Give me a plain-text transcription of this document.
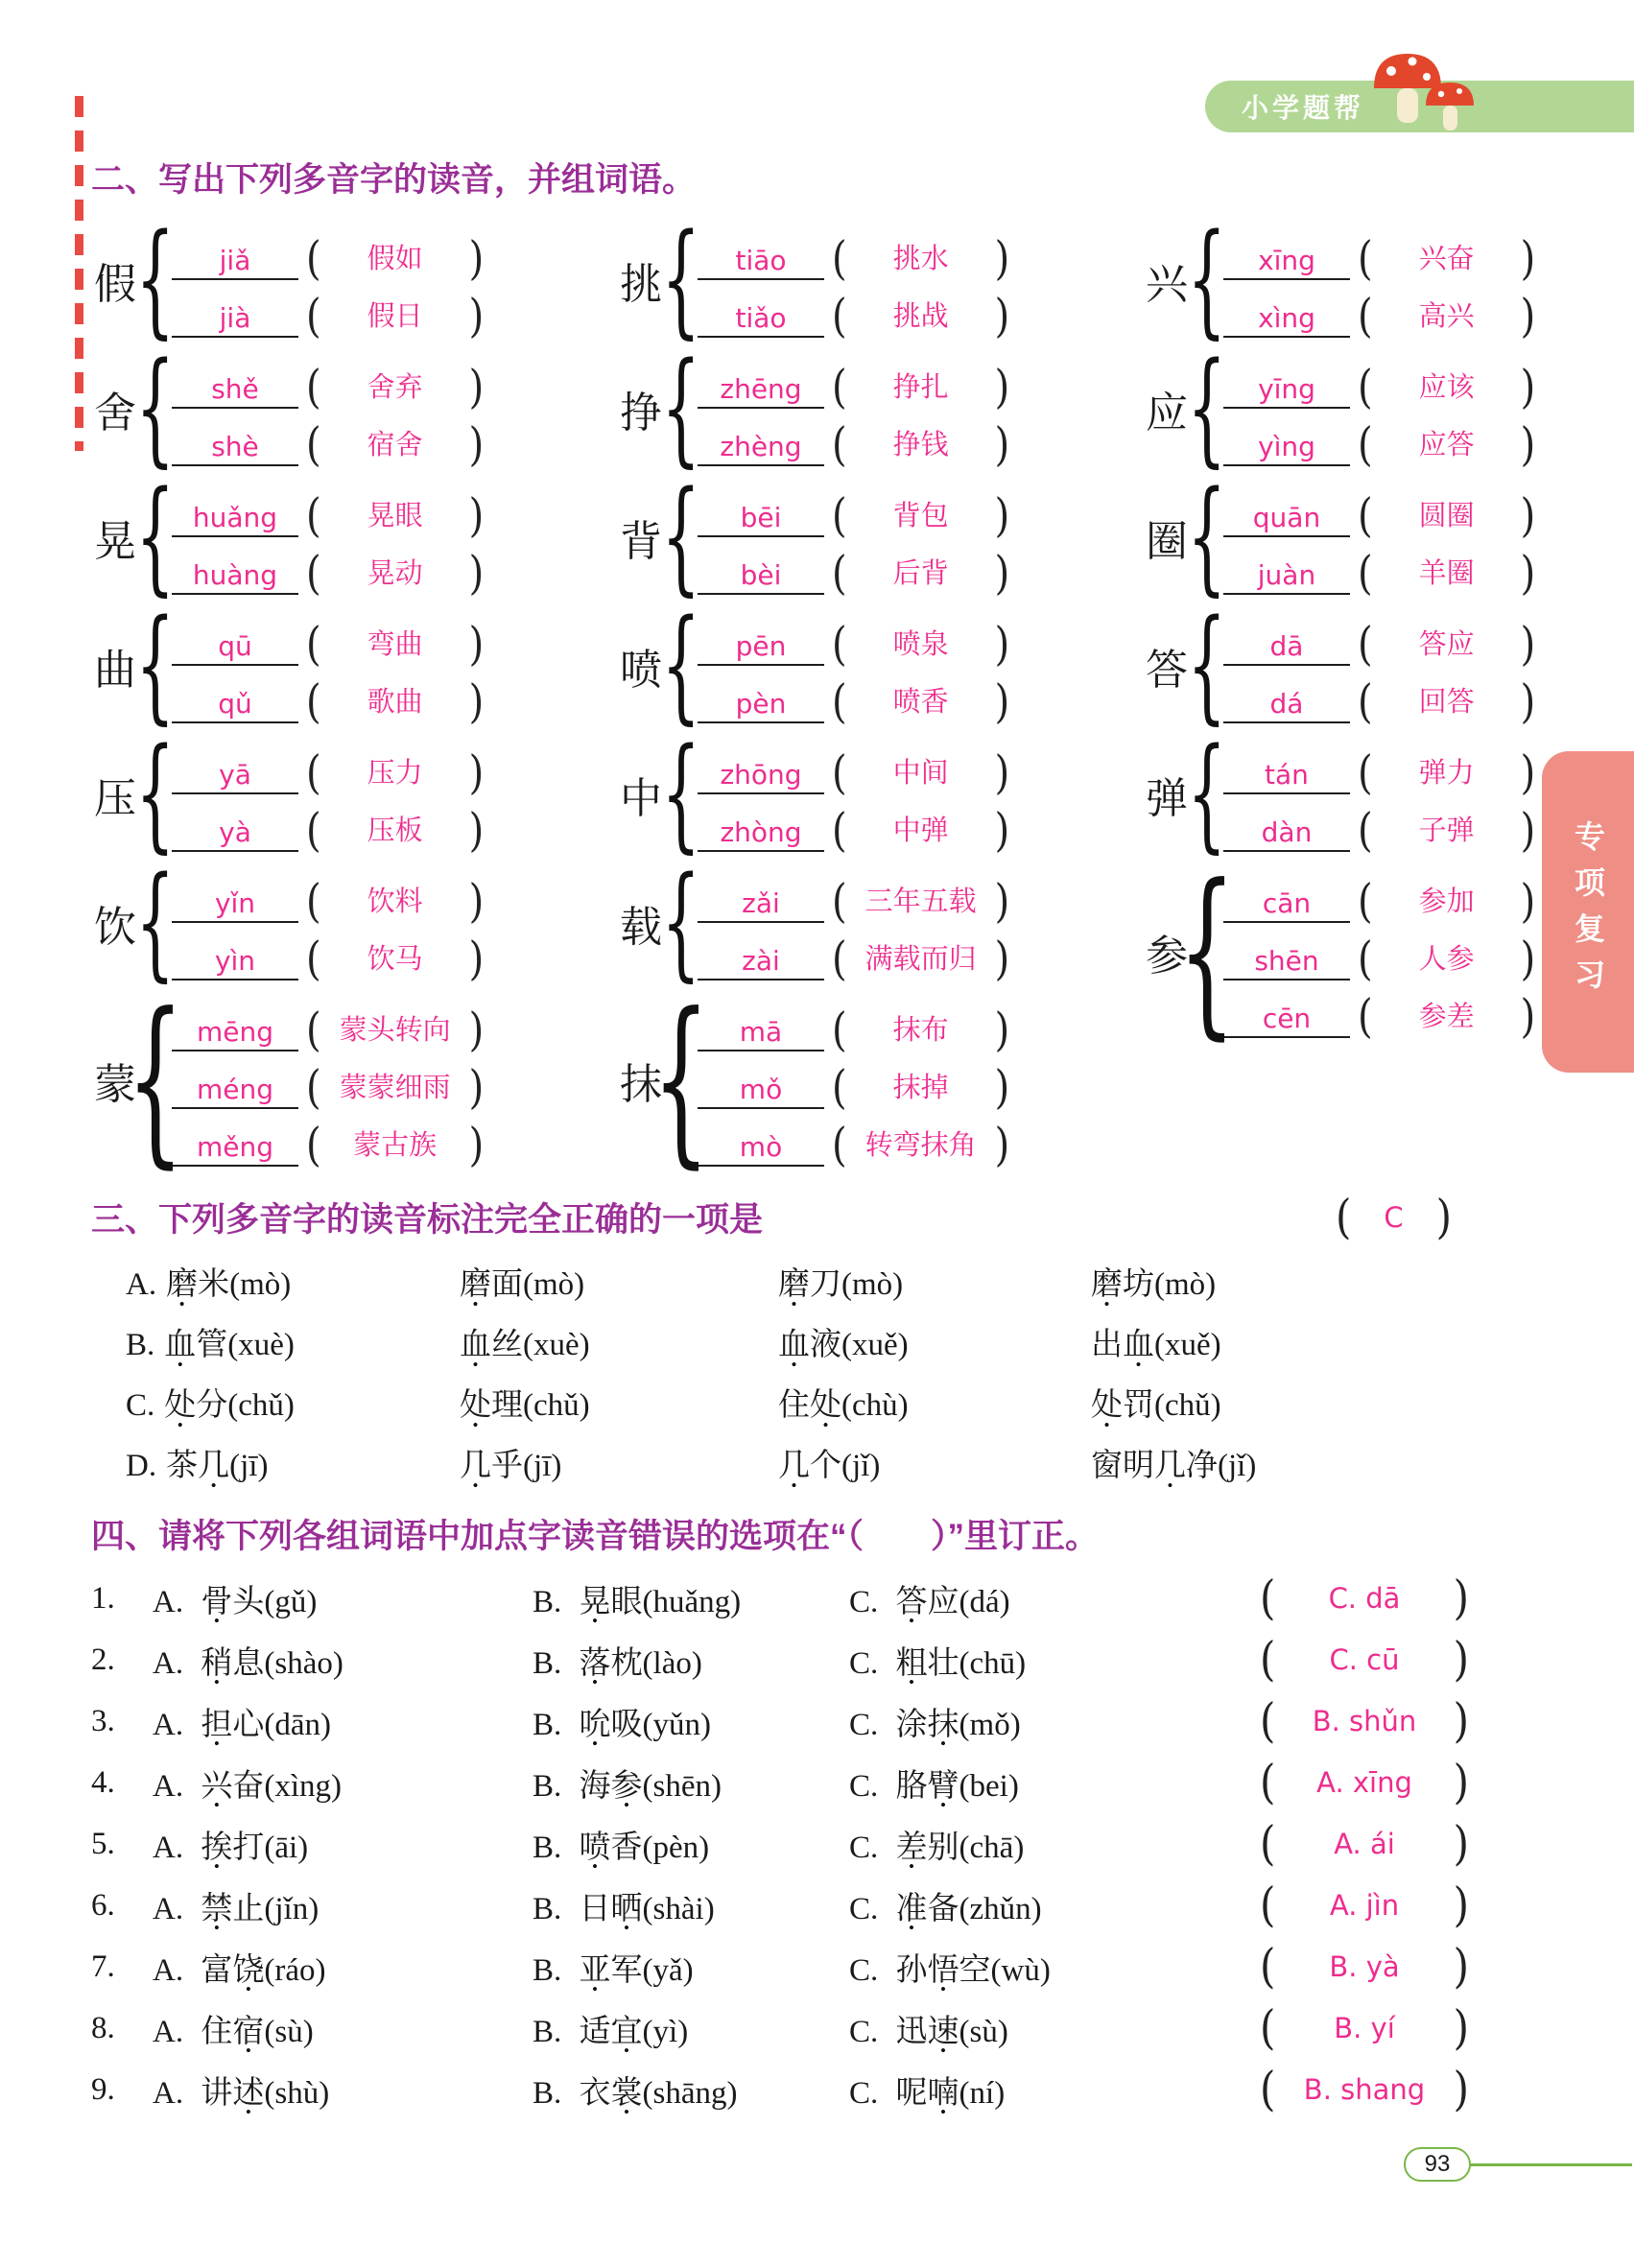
小学题帮
专项复习
二、写出下列多音字的读音，并组词语。
假 {	jiǎ	(	假如	)
jià	(	假日	)
舍 {	shě	(	舍弃	)
shè	(	宿舍	)
晃 { huǎng (	晃眼	)
huàng (	晃动	)
曲 {	qū	(	弯曲	)
qǔ	(	歌曲	)
压 {	yā	(	压力	)
yà	(	压板	)
饮 {	yǐn	(	饮料	)
yìn	(	饮马	)
蒙
{ mēng ( 蒙头转向 )
méng ( 蒙蒙细雨 )
měng (	蒙古族 )
挑 {	tiāo	(	挑水	)
tiǎo	(	挑战	)
挣 { zhēng (	挣扎	)
zhèng (	挣钱	)
背 {	bēi	(	背包	)
bèi	(	后背	)
喷 {	pēn	(	喷泉	)
pèn	(	喷香	)
中 { zhōng (	中间	)
zhòng (	中弹	)
载 {	zǎi	( 三年五载 )
zài	( 满载而归 )
抹
{	mā	(	抹布	)
mǒ	(	抹掉	)
mò	( 转弯抹角 )
兴 {	xīng	(	兴奋	)
xìng	(	高兴	)
应 {	yīng	(	应该	)
yìng	(	应答	)
圈 { quān (	圆圈	)
juàn	(	羊圈	)
答 {	dā	(	答应	)
dá	(	回答	)
弹 {	tán	(	弹力	)
dàn	(	子弹	)
参
{ cān	(	参加	)
shēn	(	人参	)
cēn	(	参差	)
三、下列多音字的读音标注完全正确的一项是	( C )
A. 磨米(mò)	磨面(mò)	磨刀(mò)	磨坊(mò)
B. 血管(xuè)	血丝(xuè)	血液(xuě)	出血(xuě)
C. 处分(chǔ)	处理(chǔ)	住处(chù)	处罚(chǔ)
D. 茶几(jī)	几乎(jī)	几个(jǐ)	窗明几净(jǐ)
四、请将下列各组词语中加点字读音错误的选项在“（　　）”里订正。
1.	A. 骨头(gǔ)	B. 晃眼(huǎng)	C. 答应(dá)	( C. dā )
2.	A. 稍息(shào)	B. 落枕(lào)	C. 粗壮(chū)	( C. cū )
3.	A. 担心(dān)	B. 吮吸(yǔn)	C. 涂抹(mǒ)	( B. shǔn )
4.	A. 兴奋(xìng)	B. 海参(shēn)	C. 胳臂(bei)	( A. xīng )
5.	A. 挨打(āi)	B. 喷香(pèn)	C. 差别(chā)	( A. ái )
6.	A. 禁止(jǐn)	B. 日晒(shài)	C. 准备(zhǔn)	( A. jìn )
7.	A. 富饶(ráo)	B. 亚军(yǎ)	C. 孙悟空(wù)	( B. yà )
8.	A. 住宿(sù)	B. 适宜(yì)	C. 迅速(sù)	( B. yí )
9.	A. 讲述(shù)	B. 衣裳(shāng)	C. 呢喃(ní)	( B. shang )
93
